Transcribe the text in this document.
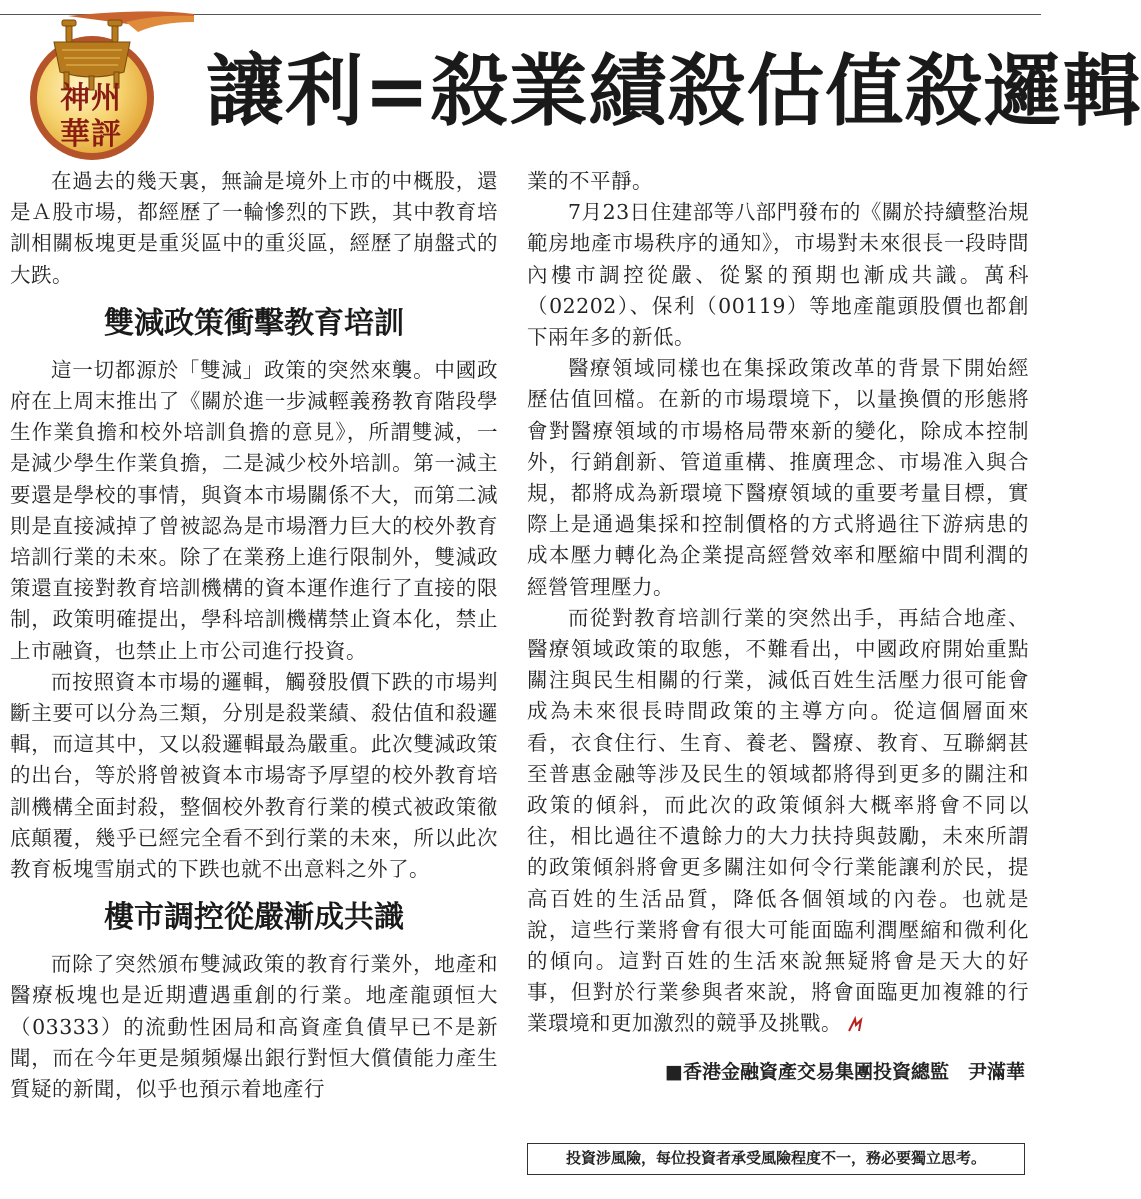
神州
華評 讓利=殺業績殺估值殺邏輯

在過去的幾天裏，無論是境外上市的中概股，還是Ａ股市場，都經歷了一輪慘烈的下跌，其中教育培訓相關板塊更是重災區中的重災區，經歷了崩盤式的大跌。

雙減政策衝擊教育培訓

這一切都源於「雙減」政策的突然來襲。中國政府在上周末推出了《關於進一步減輕義務教育階段學生作業負擔和校外培訓負擔的意見》，所謂雙減，一是減少學生作業負擔，二是減少校外培訓。第一減主要還是學校的事情，與資本市場關係不大，而第二減則是直接減掉了曾被認為是市場潛力巨大的校外教育培訓行業的未來。除了在業務上進行限制外，雙減政策還直接對教育培訓機構的資本運作進行了直接的限制，政策明確提出，學科培訓機構禁止資本化，禁止上市融資，也禁止上市公司進行投資。

而按照資本市場的邏輯，觸發股價下跌的市場判斷主要可以分為三類，分別是殺業績、殺估值和殺邏輯，而這其中，又以殺邏輯最為嚴重。此次雙減政策的出台，等於將曾被資本市場寄予厚望的校外教育培訓機構全面封殺，整個校外教育行業的模式被政策徹底顛覆，幾乎已經完全看不到行業的未來，所以此次教育板塊雪崩式的下跌也就不出意料之外了。

樓市調控從嚴漸成共識

而除了突然頒布雙減政策的教育行業外，地產和醫療板塊也是近期遭遇重創的行業。地產龍頭恒大（03333）的流動性困局和高資產負債早已不是新聞，而在今年更是頻頻爆出銀行對恒大償債能力產生質疑的新聞，似乎也預示着地產行

業的不平靜。

7月23日住建部等八部門發布的《關於持續整治規範房地產市場秩序的通知》，市場對未來很長一段時間內樓市調控從嚴、從緊的預期也漸成共識。萬科（02202）、保利（00119）等地產龍頭股價也都創下兩年多的新低。

醫療領域同樣也在集採政策改革的背景下開始經歷估值回檔。在新的市場環境下，以量換價的形態將會對醫療領域的市場格局帶來新的變化，除成本控制外，行銷創新、管道重構、推廣理念、市場准入與合規，都將成為新環境下醫療領域的重要考量目標，實際上是通過集採和控制價格的方式將過往下游病患的成本壓力轉化為企業提高經營效率和壓縮中間利潤的經營管理壓力。

而從對教育培訓行業的突然出手，再結合地產、醫療領域政策的取態，不難看出，中國政府開始重點關注與民生相關的行業，減低百姓生活壓力很可能會成為未來很長時間政策的主導方向。從這個層面來看，衣食住行、生育、養老、醫療、教育、互聯網甚至普惠金融等涉及民生的領域都將得到更多的關注和政策的傾斜，而此次的政策傾斜大概率將會不同以往，相比過往不遺餘力的大力扶持與鼓勵，未來所謂的政策傾斜將會更多關注如何令行業能讓利於民，提高百姓的生活品質，降低各個領域的內卷。也就是說，這些行業將會有很大可能面臨利潤壓縮和微利化的傾向。這對百姓的生活來說無疑將會是天大的好事，但對於行業參與者來說，將會面臨更加複雜的行業環境和更加激烈的競爭及挑戰。

■香港金融資產交易集團投資總監　尹滿華
投資涉風險，每位投資者承受風險程度不一，務必要獨立思考。
